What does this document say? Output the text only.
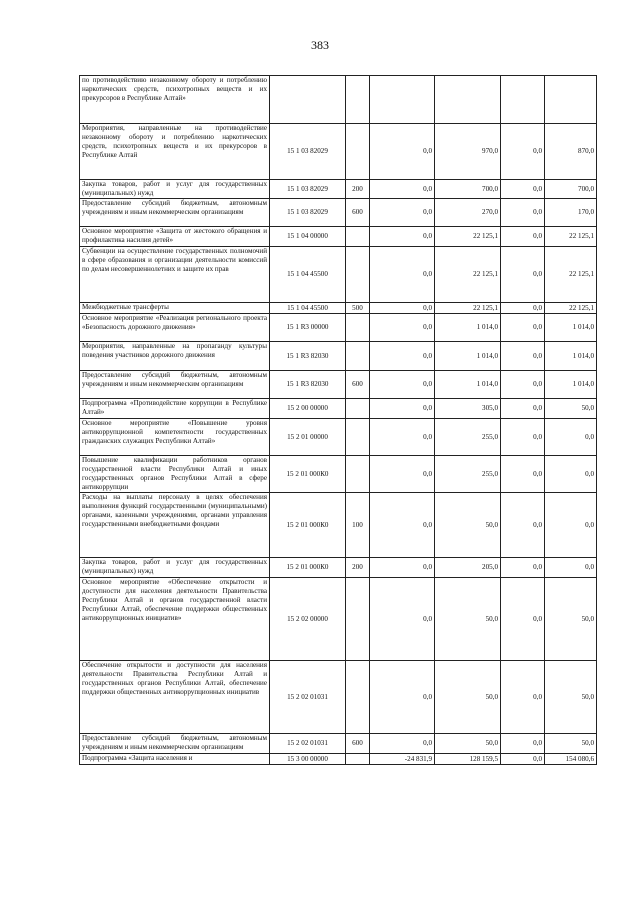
383
по противодействию незаконному обороту и потреблению наркотических средств, психотропных веществ и их прекурсоров в Республике Алтай»						
Мероприятия, направленные на противодействие незаконному обороту и потреблению наркотических средств, психотропных веществ и их прекурсоров в Республике Алтай	15 1 03 82029		0,0	970,0	0,0	870,0
Закупка товаров, работ и услуг для государственных (муниципальных) нужд	15 1 03 82029	200	0,0	700,0	0,0	700,0
Предоставление субсидий бюджетным, автономным учреждениям и иным некоммерческим организациям	15 1 03 82029	600	0,0	270,0	0,0	170,0
Основное мероприятие «Защита от жестокого обращения и профилактика насилия детей»	15 1 04 00000		0,0	22 125,1	0,0	22 125,1
Субвенции на осуществление государственных полномочий в сфере образования и организации деятельности комиссий по делам несовершеннолетних и защите их прав	15 1 04 45500		0,0	22 125,1	0,0	22 125,1
Межбюджетные трансферты	15 1 04 45500	500	0,0	22 125,1	0,0	22 125,1
Основное мероприятие «Реализация регионального проекта «Безопасность дорожного движения»	15 1 R3 00000		0,0	1 014,0	0,0	1 014,0
Мероприятия, направленные на пропаганду культуры поведения участников дорожного движения	15 1 R3 82030		0,0	1 014,0	0,0	1 014,0
Предоставление субсидий бюджетным, автономным учреждениям и иным некоммерческим организациям	15 1 R3 82030	600	0,0	1 014,0	0,0	1 014,0
Подпрограмма «Противодействие коррупции в Республике Алтай»	15 2 00 00000		0,0	305,0	0,0	50,0
Основное мероприятие «Повышение уровня антикоррупционной компетентности государственных гражданских служащих Республики Алтай»	15 2 01 00000		0,0	255,0	0,0	0,0
Повышение квалификации работников органов государственной власти Республики Алтай и иных государственных органов Республики Алтай в сфере антикоррупции	15 2 01 000К0		0,0	255,0	0,0	0,0
Расходы на выплаты персоналу в целях обеспечения выполнения функций государственными (муниципальными) органами, казенными учреждениями, органами управления государственными внебюджетными фондами	15 2 01 000К0	100	0,0	50,0	0,0	0,0
Закупка товаров, работ и услуг для государственных (муниципальных) нужд	15 2 01 000К0	200	0,0	205,0	0,0	0,0
Основное мероприятие «Обеспечение открытости и доступности для населения деятельности Правительства Республики Алтай и органов государственной власти Республики Алтай, обеспечение поддержки общественных антикоррупционных инициатив»	15 2 02 00000		0,0	50,0	0,0	50,0
Обеспечение открытости и доступности для населения деятельности Правительства Республики Алтай и государственных органов Республики Алтай, обеспечение поддержки общественных антикоррупционных инициатив	15 2 02 01031		0,0	50,0	0,0	50,0
Предоставление субсидий бюджетным, автономным учреждениям и иным некоммерческим организациям	15 2 02 01031	600	0,0	50,0	0,0	50,0
Подпрограмма «Защита населения и	15 3 00 00000		-24 831,9	128 159,5	0,0	154 080,6
